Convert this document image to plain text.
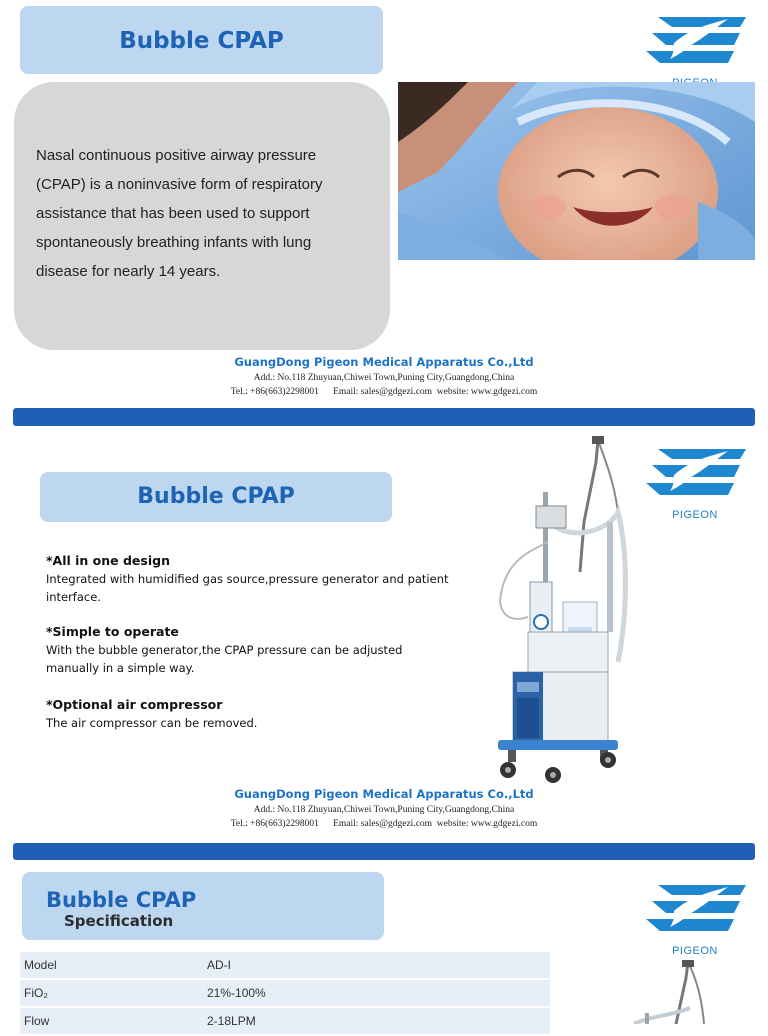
Bubble CPAP
Nasal continuous positive airway pressure (CPAP) is a noninvasive form of respiratory assistance that has been used to support spontaneously breathing infants with lung disease for nearly 14 years.
GuangDong Pigeon Medical Apparatus Co.,Ltd
Add.: No.118 Zhuyuan,Chiwei Town,Puning City,Guangdong,China
Tel.: +86(663)2298001      Email: sales@gdgezi.com  website: www.gdgezi.com
Bubble CPAP
PIGEON
*All in one design

Integrated with humidified gas source,pressure generator and patient interface.

*Simple to operate

With the bubble generator,the CPAP pressure can be adjusted manually in a simple way.

*Optional air compressor

The air compressor can be removed.

GuangDong Pigeon Medical Apparatus Co.,Ltd
Add.: No.118 Zhuyuan,Chiwei Town,Puning City,Guangdong,China
Tel.: +86(663)2298001      Email: sales@gdgezi.com  website: www.gdgezi.com
Bubble CPAP
Specification
PIGEON
Model	AD-I
FiO₂	21%-100%
Flow	2-18LPM
